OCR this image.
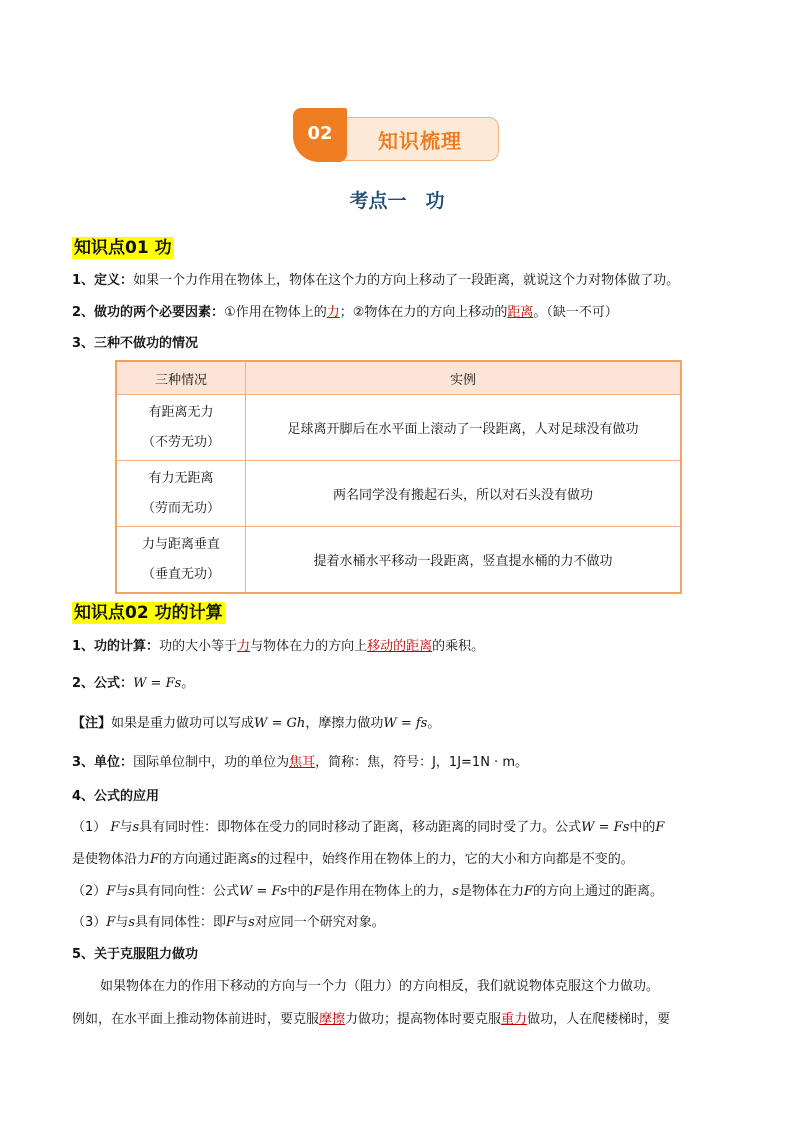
知识梳理
02
考点一　功
知识点01 功
1、定义：如果一个力作用在物体上，物体在这个力的方向上移动了一段距离，就说这个力对物体做了功。
2、做功的两个必要因素：①作用在物体上的力；②物体在力的方向上移动的距离。（缺一不可）
3、三种不做功的情况
三种情况	实例

有距离无力
（不劳无功）	足球离开脚后在水平面上滚动了一段距离，人对足球没有做功

有力无距离
（劳而无功）	两名同学没有搬起石头，所以对石头没有做功

力与距离垂直
（垂直无功）	提着水桶水平移动一段距离，竖直提水桶的力不做功
知识点02 功的计算
1、功的计算：功的大小等于力与物体在力的方向上移动的距离的乘积。
2、公式：W = Fs。
【注】如果是重力做功可以写成W = Gh，摩擦力做功W = fs。
3、单位：国际单位制中，功的单位为焦耳，简称：焦，符号：J，1J=1N · m。
4、公式的应用
（1） F与s具有同时性：即物体在受力的同时移动了距离，移动距离的同时受了力。公式W = Fs中的F
是使物体沿力F的方向通过距离s的过程中，始终作用在物体上的力，它的大小和方向都是不变的。
（2）F与s具有同向性：公式W = Fs中的F是作用在物体上的力，s是物体在力F的方向上通过的距离。
（3）F与s具有同体性：即F与s对应同一个研究对象。
5、关于克服阻力做功
如果物体在力的作用下移动的方向与一个力（阻力）的方向相反，我们就说物体克服这个力做功。
例如，在水平面上推动物体前进时，要克服摩擦力做功；提高物体时要克服重力做功，人在爬楼梯时，要
